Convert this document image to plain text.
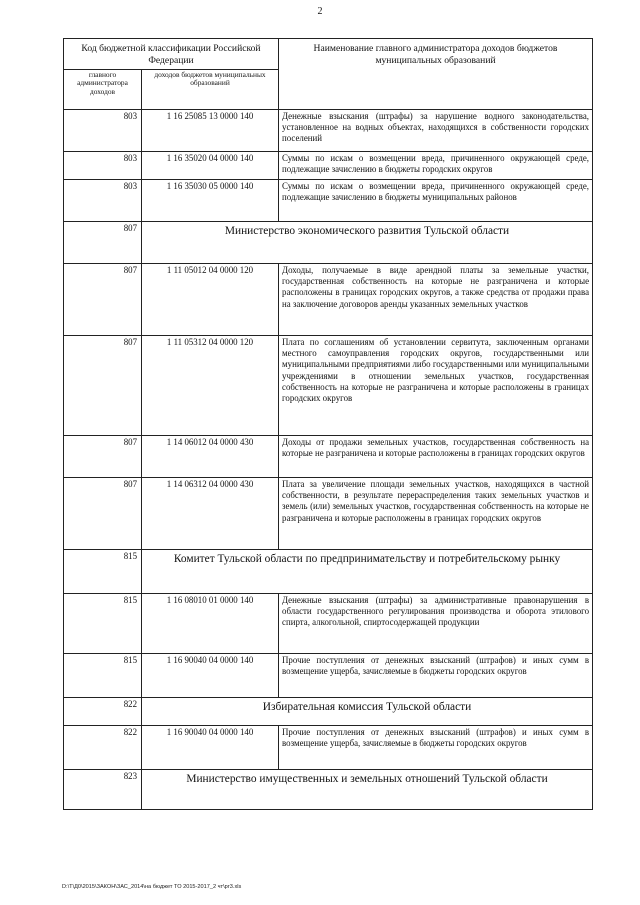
2
Код бюджетной классификации Российской Федерации		Наименование главного администратора доходов бюджетов муниципальных образований
главного администратора доходов	доходов бюджетов муниципальных образований	
803	1 16 25085 13 0000 140	Денежные взыскания (штрафы) за нарушение водного законодательства, установленное на водных объектах, находящихся в собственности городских поселений
803	1 16 35020 04 0000 140	Суммы по искам о возмещении вреда, причиненного окружающей среде, подлежащие зачислению в бюджеты городских округов
803	1 16 35030 05 0000 140	Суммы по искам о возмещении вреда, причиненного окружающей среде, подлежащие зачислению в бюджеты муниципальных районов
807	Министерство экономического развития Тульской области	
807	1 11 05012 04 0000 120	Доходы, получаемые в виде арендной платы за земельные участки, государственная собственность на которые не разграничена и которые расположены в границах городских округов, а также средства от продажи права на заключение договоров аренды указанных земельных участков
807	1 11 05312 04 0000 120	Плата по соглашениям об установлении сервитута, заключенным органами местного самоуправления городских округов, государственными или муниципальными предприятиями либо государственными или муниципальными учреждениями в отношении земельных участков, государственная собственность на которые не разграничена и которые расположены в границах городских округов
807	1 14 06012 04 0000 430	Доходы от продажи земельных участков, государственная собственность на которые не разграничена и которые расположены в границах городских округов
807	1 14 06312 04 0000 430	Плата за увеличение площади земельных участков, находящихся в частной собственности, в результате перераспределения таких земельных участков и земель (или) земельных участков, государственная собственность на которые не разграничена и которые расположены в границах городских округов
815	Комитет Тульской области по предпринимательству и потребительскому рынку	
815	1 16 08010 01 0000 140	Денежные взыскания (штрафы) за административные правонарушения в области государственного регулирования производства и оборота этилового спирта, алкогольной, спиртосодержащей продукции
815	1 16 90040 04 0000 140	Прочие поступления от денежных взысканий (штрафов) и иных сумм в возмещение ущерба, зачисляемые в бюджеты городских округов
822	Избирательная комиссия Тульской области	
822	1 16 90040 04 0000 140	Прочие поступления от денежных взысканий (штрафов) и иных сумм в возмещение ущерба, зачисляемые в бюджеты городских округов
823	Министерство имущественных и земельных отношений Тульской области	
D:\Т\Д0\2015\ЗАКОН\ЗАС_2014\на бюджет ТО 2015-2017_2 чт\рг3.xls
